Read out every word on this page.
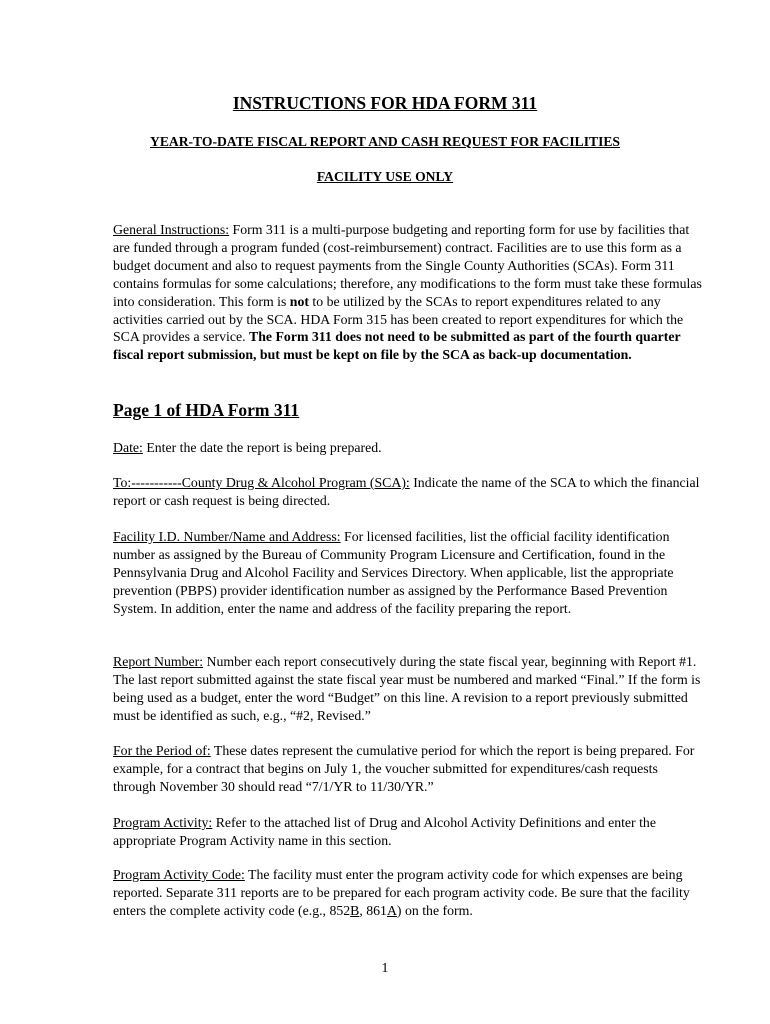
INSTRUCTIONS FOR HDA FORM 311
YEAR-TO-DATE FISCAL REPORT AND CASH REQUEST FOR FACILITIES
FACILITY USE ONLY
General Instructions: Form 311 is a multi-purpose budgeting and reporting form for use by facilities that are funded through a program funded (cost-reimbursement) contract. Facilities are to use this form as a budget document and also to request payments from the Single County Authorities (SCAs). Form 311 contains formulas for some calculations; therefore, any modifications to the form must take these formulas into consideration. This form is not to be utilized by the SCAs to report expenditures related to any activities carried out by the SCA. HDA Form 315 has been created to report expenditures for which the SCA provides a service. The Form 311 does not need to be submitted as part of the fourth quarter fiscal report submission, but must be kept on file by the SCA as back-up documentation.
Page 1 of HDA Form 311
Date: Enter the date the report is being prepared.
To:-----------County Drug & Alcohol Program (SCA): Indicate the name of the SCA to which the financial report or cash request is being directed.
Facility I.D. Number/Name and Address: For licensed facilities, list the official facility identification number as assigned by the Bureau of Community Program Licensure and Certification, found in the Pennsylvania Drug and Alcohol Facility and Services Directory. When applicable, list the appropriate prevention (PBPS) provider identification number as assigned by the Performance Based Prevention System. In addition, enter the name and address of the facility preparing the report.
Report Number: Number each report consecutively during the state fiscal year, beginning with Report #1. The last report submitted against the state fiscal year must be numbered and marked “Final.” If the form is being used as a budget, enter the word “Budget” on this line. A revision to a report previously submitted must be identified as such, e.g., “#2, Revised.”
For the Period of: These dates represent the cumulative period for which the report is being prepared. For example, for a contract that begins on July 1, the voucher submitted for expenditures/cash requests through November 30 should read “7/1/YR to 11/30/YR.”
Program Activity: Refer to the attached list of Drug and Alcohol Activity Definitions and enter the appropriate Program Activity name in this section.
Program Activity Code: The facility must enter the program activity code for which expenses are being reported. Separate 311 reports are to be prepared for each program activity code. Be sure that the facility enters the complete activity code (e.g., 852B, 861A) on the form.
1
